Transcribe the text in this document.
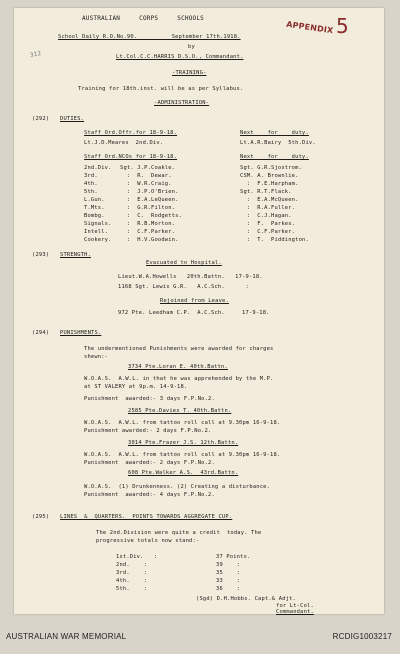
AUSTRALIAN     CORPS     SCHOOLS
APPENDIX 5
312
School Daily R.O.No.90.          September 17th.1918.
by
Lt.Col.C.C.HARRIS D.S.O., Commandant.
-TRAINING-
Training for 18th.inst. will be as per Syllabus.
-ADMINISTRATION-
(292) DUTIES.
Staff Ord.Offr.for 18-9-18.	Next    for    duty.
Lt.J.D.Meares  2nd.Div.	Lt.A.R.Bairy  5th.Div.
Staff Ord.NCOs for 18-9-18.	Next    for    duty.
2nd.Div. Sgt. J.P.Coakle.	Sgt. G.R.Sjostrom.
3rd.	:  R.  Dewar.	CSM. A. Brownlie.
4th.	:  W.R.Craig.	:  F.E.Harpham.
5th.	:  J.P.O'Brien.	Sgt. R.T.Flack.
L.Gun.	:  E.A.LeQueen.	:  E.A.McQueen.
T.Mts.	:  G.R.Filton.	:  R.A.Fuller.
Bombg.	:  C.  Rodgetts.	:  C.J.Hagan.
Signals. :  R.B.Morton.	:  F.  Parkes.
Intell. :  C.F.Parker.	:  C.F.Parker.
Cookery. :  H.V.Goodwin.	:  T.  Piddington.
(293) STRENGTH.
Evacuated to Hospital.
Lieut.W.A.Howells   20th.Battn.   17-9-18.
1168 Sgt. Lewis G.R.   A.C.Sch.      :
Rejoined from Leave.
972 Pte. Leedham C.P.  A.C.Sch.     17-9-18.
(294) PUNISHMENTS.
The undermentioned Punishments were awarded for charges
shewn:-
3734 Pte.Loran E. 40th.Battn.
W.O.A.S.  A.W.L. in that he was apprehended by the M.P.
at ST VALERY at 9p.m. 14-9-18.
Punishment  awarded:- 3 days F.P.No.2.
2585 Pte.Davies T. 40th.Battn.
W.O.A.S.  A.W.L. from tattoo roll call at 9.30pm 16-9-18.
Punishment awarded:- 2 days F.P.No.2.
3014 Pte.Frazer J.S. 12th.Battn.
W.O.A.S.  A.W.L. from tattoo roll call at 9.30pm 16-9-18.
Punishment  awarded:- 2 days F.P.No.2.
608 Pte.Walker A.S.  43rd.Battn.
W.O.A.S.  (1) Drunkenness. (2) Creating a disturbance.
Punishment  awarded:- 4 days F.P.No.2.
(295) LINES  &  QUARTERS.  POINTS TOWARDS AGGREGATE CUP.
The 2nd.Division were quite a credit  today. The
progressive totals now stand:-
1st.Div.   :	37 Points.
2nd.    :	39    :
3rd.    :	35    :
4th.    :	33    :
5th.    :	36    :
(Sgd) D.H.Hobbs. Capt.& Adjt.
for Lt-Col.
Commandant.
AUSTRALIAN WAR MEMORIAL	RCDIG1003217
